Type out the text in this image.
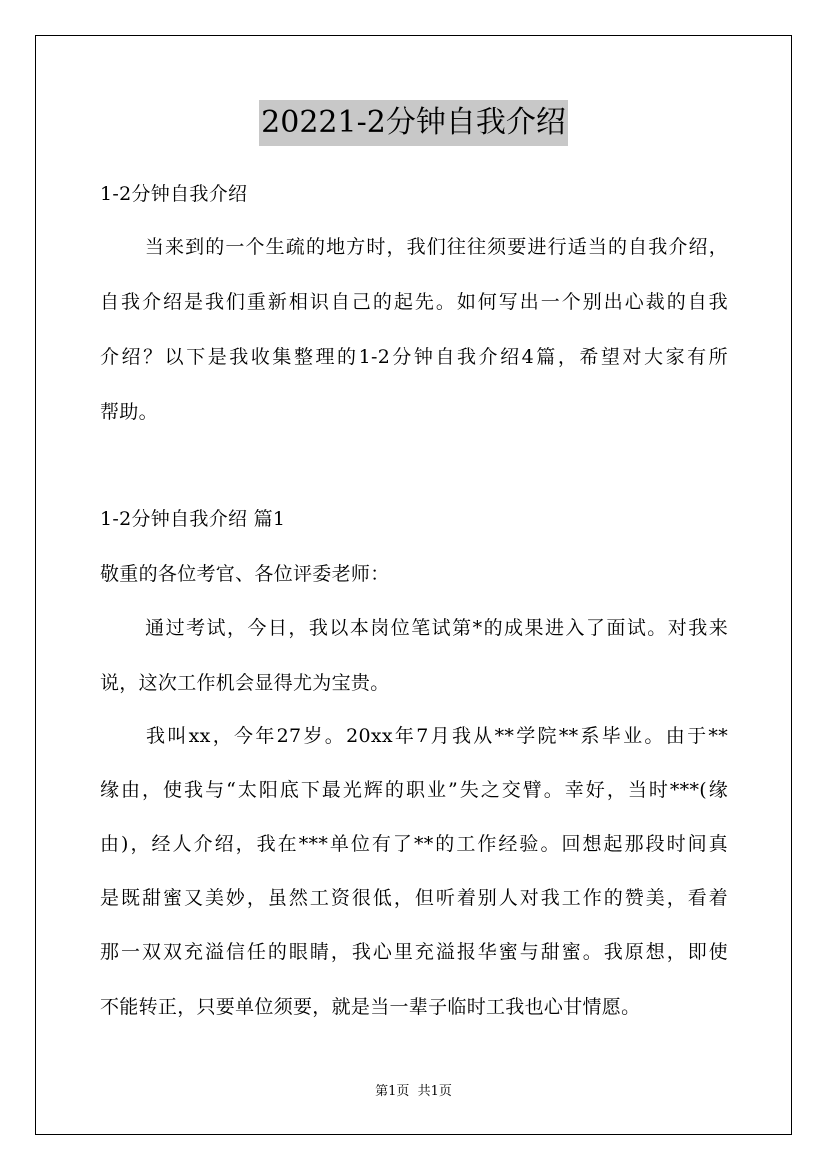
20221-2分钟自我介绍
1-2分钟自我介绍
当来到的一个生疏的地方时，我们往往须要进行适当的自我介绍，
自我介绍是我们重新相识自己的起先。如何写出一个别出心裁的自我
介绍？以下是我收集整理的1-2分钟自我介绍4篇，希望对大家有所
帮助。
1-2分钟自我介绍 篇1
敬重的各位考官、各位评委老师：
通过考试，今日，我以本岗位笔试第*的成果进入了面试。对我来
说，这次工作机会显得尤为宝贵。
我叫xx，今年27岁。20xx年7月我从**学院**系毕业。由于**
缘由，使我与“太阳底下最光辉的职业”失之交臂。幸好，当时***(缘
由)，经人介绍，我在***单位有了**的工作经验。回想起那段时间真
是既甜蜜又美妙，虽然工资很低，但听着别人对我工作的赞美，看着
那一双双充溢信任的眼睛，我心里充溢报华蜜与甜蜜。我原想，即使
不能转正，只要单位须要，就是当一辈子临时工我也心甘情愿。
第1页  共1页
